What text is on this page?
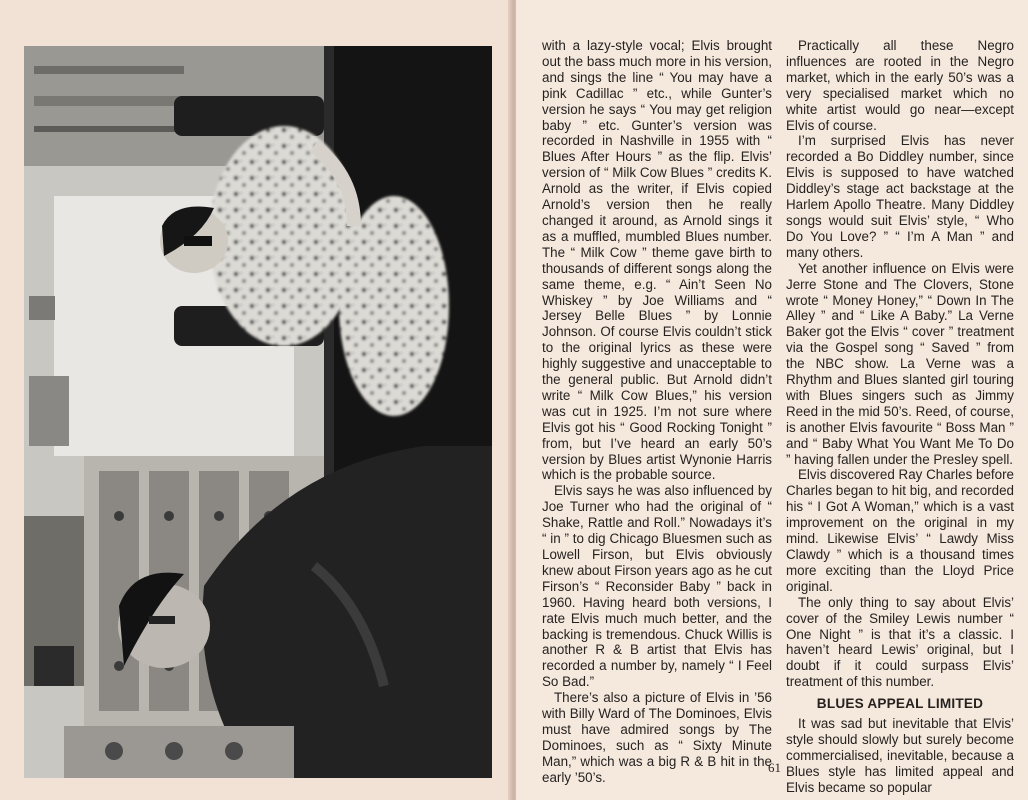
with a lazy-style vocal; Elvis brought out the bass much more in his version, and sings the line “ You may have a pink Cadillac ” etc., while Gunter’s version he says “ You may get religion baby ” etc. Gunter’s version was recorded in Nashville in 1955 with “ Blues After Hours ” as the flip. Elvis’ version of “ Milk Cow Blues ” credits K. Arnold as the writer, if Elvis copied Arnold’s version then he really changed it around, as Arnold sings it as a muffled, mumbled Blues number. The “ Milk Cow ” theme gave birth to thousands of different songs along the same theme, e.g. “ Ain’t Seen No Whiskey ” by Joe Williams and “ Jersey Belle Blues ” by Lonnie Johnson. Of course Elvis couldn’t stick to the original lyrics as these were highly suggestive and unacceptable to the general public. But Arnold didn’t write “ Milk Cow Blues,” his version was cut in 1925. I’m not sure where Elvis got his “ Good Rocking Tonight ” from, but I’ve heard an early 50’s version by Blues artist Wynonie Harris which is the probable source.

Elvis says he was also influenced by Joe Turner who had the original of “ Shake, Rattle and Roll.” Nowadays it’s “ in ” to dig Chicago Bluesmen such as Lowell Firson, but Elvis obviously knew about Firson years ago as he cut Firson’s “ Reconsider Baby ” back in 1960. Having heard both versions, I rate Elvis much much better, and the backing is tremendous. Chuck Willis is another R & B artist that Elvis has recorded a number by, namely “ I Feel So Bad.”

There’s also a picture of Elvis in ’56 with Billy Ward of The Dominoes, Elvis must have admired songs by The Dominoes, such as “ Sixty Minute Man,” which was a big R & B hit in the early ’50’s.

Practically all these Negro influences are rooted in the Negro market, which in the early 50’s was a very specialised market which no white artist would go near—except Elvis of course.

I’m surprised Elvis has never recorded a Bo Diddley number, since Elvis is supposed to have watched Diddley’s stage act backstage at the Harlem Apollo Theatre. Many Diddley songs would suit Elvis’ style, “ Who Do You Love? ” “ I’m A Man ” and many others.

Yet another influence on Elvis were Jerre Stone and The Clovers, Stone wrote “ Money Honey,” “ Down In The Alley ” and “ Like A Baby.” La Verne Baker got the Elvis “ cover ” treatment via the Gospel song “ Saved ” from the NBC show. La Verne was a Rhythm and Blues slanted girl touring with Blues singers such as Jimmy Reed in the mid 50’s. Reed, of course, is another Elvis favourite “ Boss Man ” and “ Baby What You Want Me To Do ” having fallen under the Presley spell.

Elvis discovered Ray Charles before Charles began to hit big, and recorded his “ I Got A Woman,” which is a vast improvement on the original in my mind. Likewise Elvis’ “ Lawdy Miss Clawdy ” which is a thousand times more exciting than the Lloyd Price original.

The only thing to say about Elvis’ cover of the Smiley Lewis number “ One Night ” is that it’s a classic. I haven’t heard Lewis’ original, but I doubt if it could surpass Elvis’ treatment of this number.

BLUES APPEAL LIMITED

It was sad but inevitable that Elvis’ style should slowly but surely become commercialised, inevitable, because a Blues style has limited appeal and Elvis became so popular

61
